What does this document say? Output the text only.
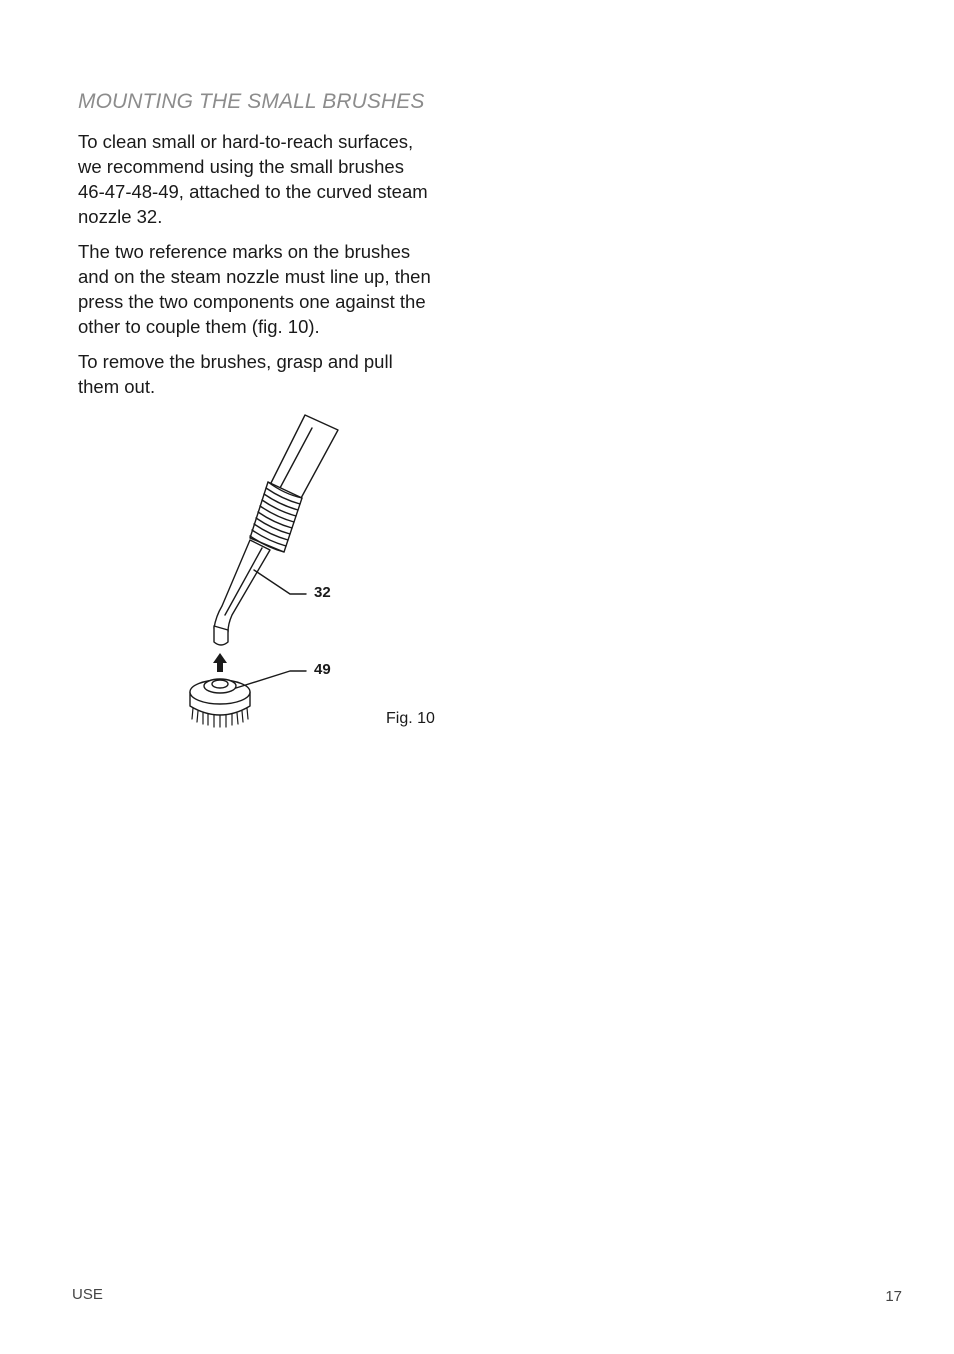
MOUNTING THE SMALL BRUSHES

To clean small or hard-to-reach surfaces,
we recommend using the small brushes
46-47-48-49, attached to the curved steam
nozzle 32.

The two reference marks on the brushes
and on the steam nozzle must line up, then
press the two components one against the
other to couple them (fig. 10).

To remove the brushes, grasp and pull
them out.

32
49
Fig. 10
USE	17
